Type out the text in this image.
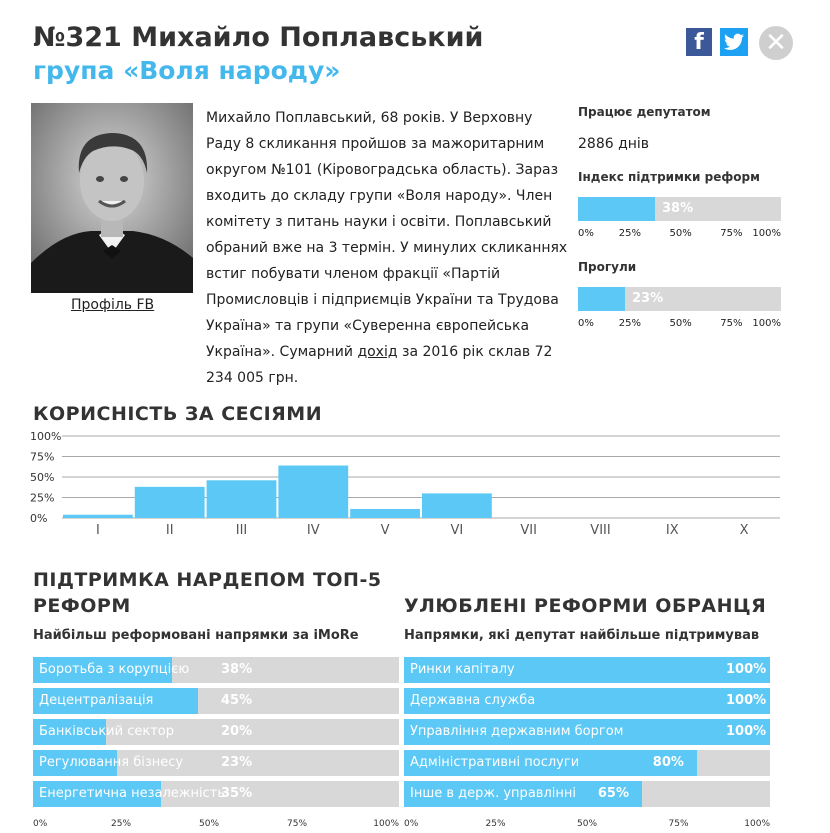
№321 Михайло Поплавський
група «Воля народу»
f	✕
Профіль FB
Михайло Поплавський, 68 років. У Верховну Раду 8 скликання пройшов за мажоритарним округом №101 (Кіровоградська область). Зараз входить до складу групи «Воля народу». Член комітету з питань науки і освіти. Поплавський обраний вже на 3 термін. У минулих скликаннях встиг побувати членом фракції «Партій Промисловців і підприємців України та Трудова Україна» та групи «Суверенна європейська Україна». Сумарний дохід за 2016 рік склав 72 234 005 грн.
Працює депутатом
2886 днів
Індекс підтримки реформ
38%
0% 25%	50%	75% 100%
Прогули
23%
0% 25%	50%	75% 100%
КОРИСНІСТЬ ЗА СЕСІЯМИ
100%
75%
50%
25%
0%
I	II	III	IV	V	VI	VII	VIII	IX	X
ПІДТРИМКА НАРДЕПОМ ТОП-5
РЕФОРМ
Найбільш реформовані напрямки за iMoRe
Боротьба з корупцією 38%
Децентралізація	45%
Банківський сектор	20%
Регулювання бізнесу	23%
Енергетична незалежність
35%
0%	25%	50%	75%	100%
УЛЮБЛЕНІ РЕФОРМИ ОБРАНЦЯ
Напрямки, які депутат найбільше підтримував
Ринки капіталу	100%
Державна служба	100%
Управління державним боргом	100%
Адміністративні послуги	80%
Інше в держ. управлінні 65%
0%	25%	50%	75%	100%
